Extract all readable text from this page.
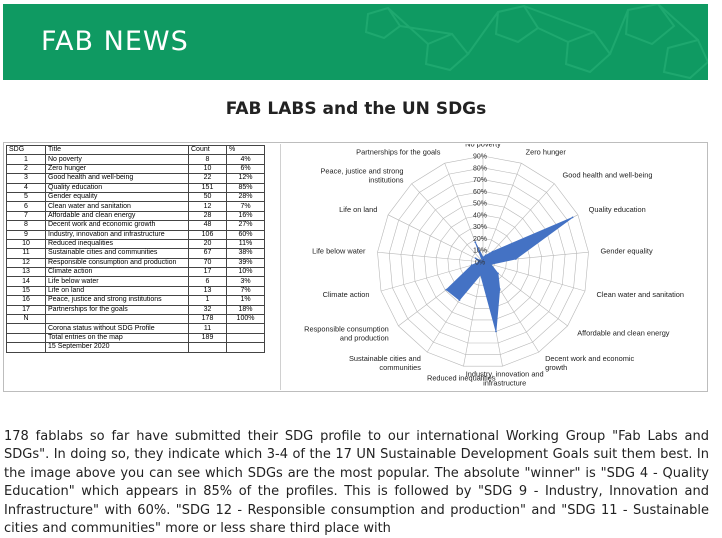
FAB NEWS
FAB LABS and the UN SDGs
SDG	Title	Count	%
1	No poverty	8	4%
2	Zero hunger	10	6%
3	Good health and well-being	22	12%
4	Quality education	151	85%
5	Gender equality	50	28%
6	Clean water and sanitation	12	7%
7	Affordable and clean energy	28	16%
8	Decent work and economic growth	48	27%
9	Industry, innovation and infrastructure	106	60%
10	Reduced inequalities	20	11%
11	Sustainable cities and communities	67	38%
12	Responsible consumption and production	70	39%
13	Climate action	17	10%
14	Life below water	6	3%
15	Life on land	13	7%
16	Peace, justice and strong institutions	1	1%
17	Partnerships for the goals	32	18%
N		178	100%
	Corona status without SDG Profile	11	
	Total entries on the map	189	
	15 September 2020		
0%
10%
20%
30%
40%
50%
60%
70%
80%
90%
No poverty
Zero hunger
Good health and well-being
Quality education
Gender equality
Clean water and sanitation
Affordable and clean energy
Decent work and economic growth
Industry, innovation and infrastructure
Reduced inequalities
Sustainable cities and communities
Responsible consumption and production
Climate action
Life below water
Life on land
Peace, justice and strong institutions
Partnerships for the goals

178 fablabs so far have submitted their SDG profile to our international Working Group "Fab Labs and SDGs". In doing so, they indicate which 3-4 of the 17 UN Sustainable Development Goals suit them best. In the image above you can see which SDGs are the most popular. The absolute "winner" is "SDG 4 - Quality Education" which appears in 85% of the profiles. This is followed by "SDG 9 - Industry, Innovation and Infrastructure" with 60%. "SDG 12 - Responsible consumption and production" and "SDG 11 - Sustainable cities and communities" more or less share third place with
